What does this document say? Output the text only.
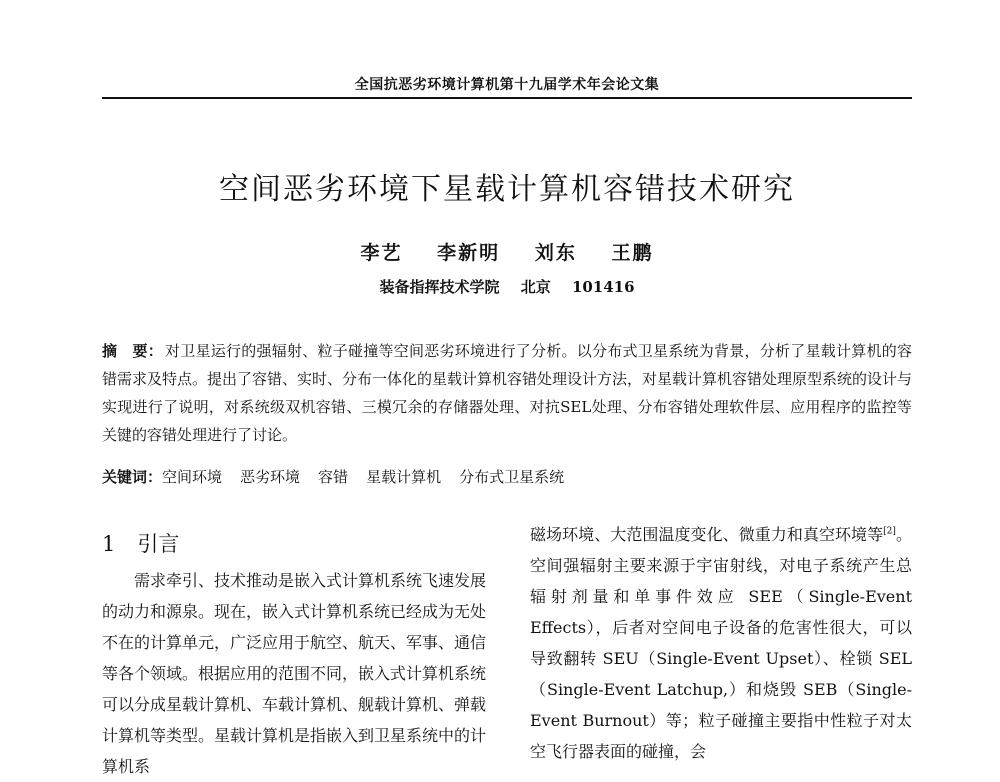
全国抗恶劣环境计算机第十九届学术年会论文集
空间恶劣环境下星载计算机容错技术研究
李艺 李新明 刘东 王鹏
装备指挥技术学院 北京 101416

摘　要： 对卫星运行的强辐射、粒子碰撞等空间恶劣环境进行了分析。以分布式卫星系统为背景，分析了星载计算机的容错需求及特点。提出了容错、实时、分布一体化的星载计算机容错处理设计方法，对星载计算机容错处理原型系统的设计与实现进行了说明，对系统级双机容错、三模冗余的存储器处理、对抗SEL处理、分布容错处理软件层、应用程序的监控等关键的容错处理进行了讨论。

关键词：空间环境 恶劣环境 容错 星载计算机 分布式卫星系统
1 引言

需求牵引、技术推动是嵌入式计算机系统飞速发展的动力和源泉。现在，嵌入式计算机系统已经成为无处不在的计算单元，广泛应用于航空、航天、军事、通信等各个领域。根据应用的范围不同，嵌入式计算机系统可以分成星载计算机、车载计算机、舰载计算机、弹载计算机等类型。星载计算机是指嵌入到卫星系统中的计算机系

磁场环境、大范围温度变化、微重力和真空环境等[2]。空间强辐射主要来源于宇宙射线，对电子系统产生总辐射剂量和单事件效应 SEE（Single-Event Effects），后者对空间电子设备的危害性很大，可以导致翻转 SEU（Single-Event Upset）、栓锁 SEL（Single-Event Latchup,）和烧毁 SEB（Single-Event Burnout）等；粒子碰撞主要指中性粒子对太空飞行器表面的碰撞，会
